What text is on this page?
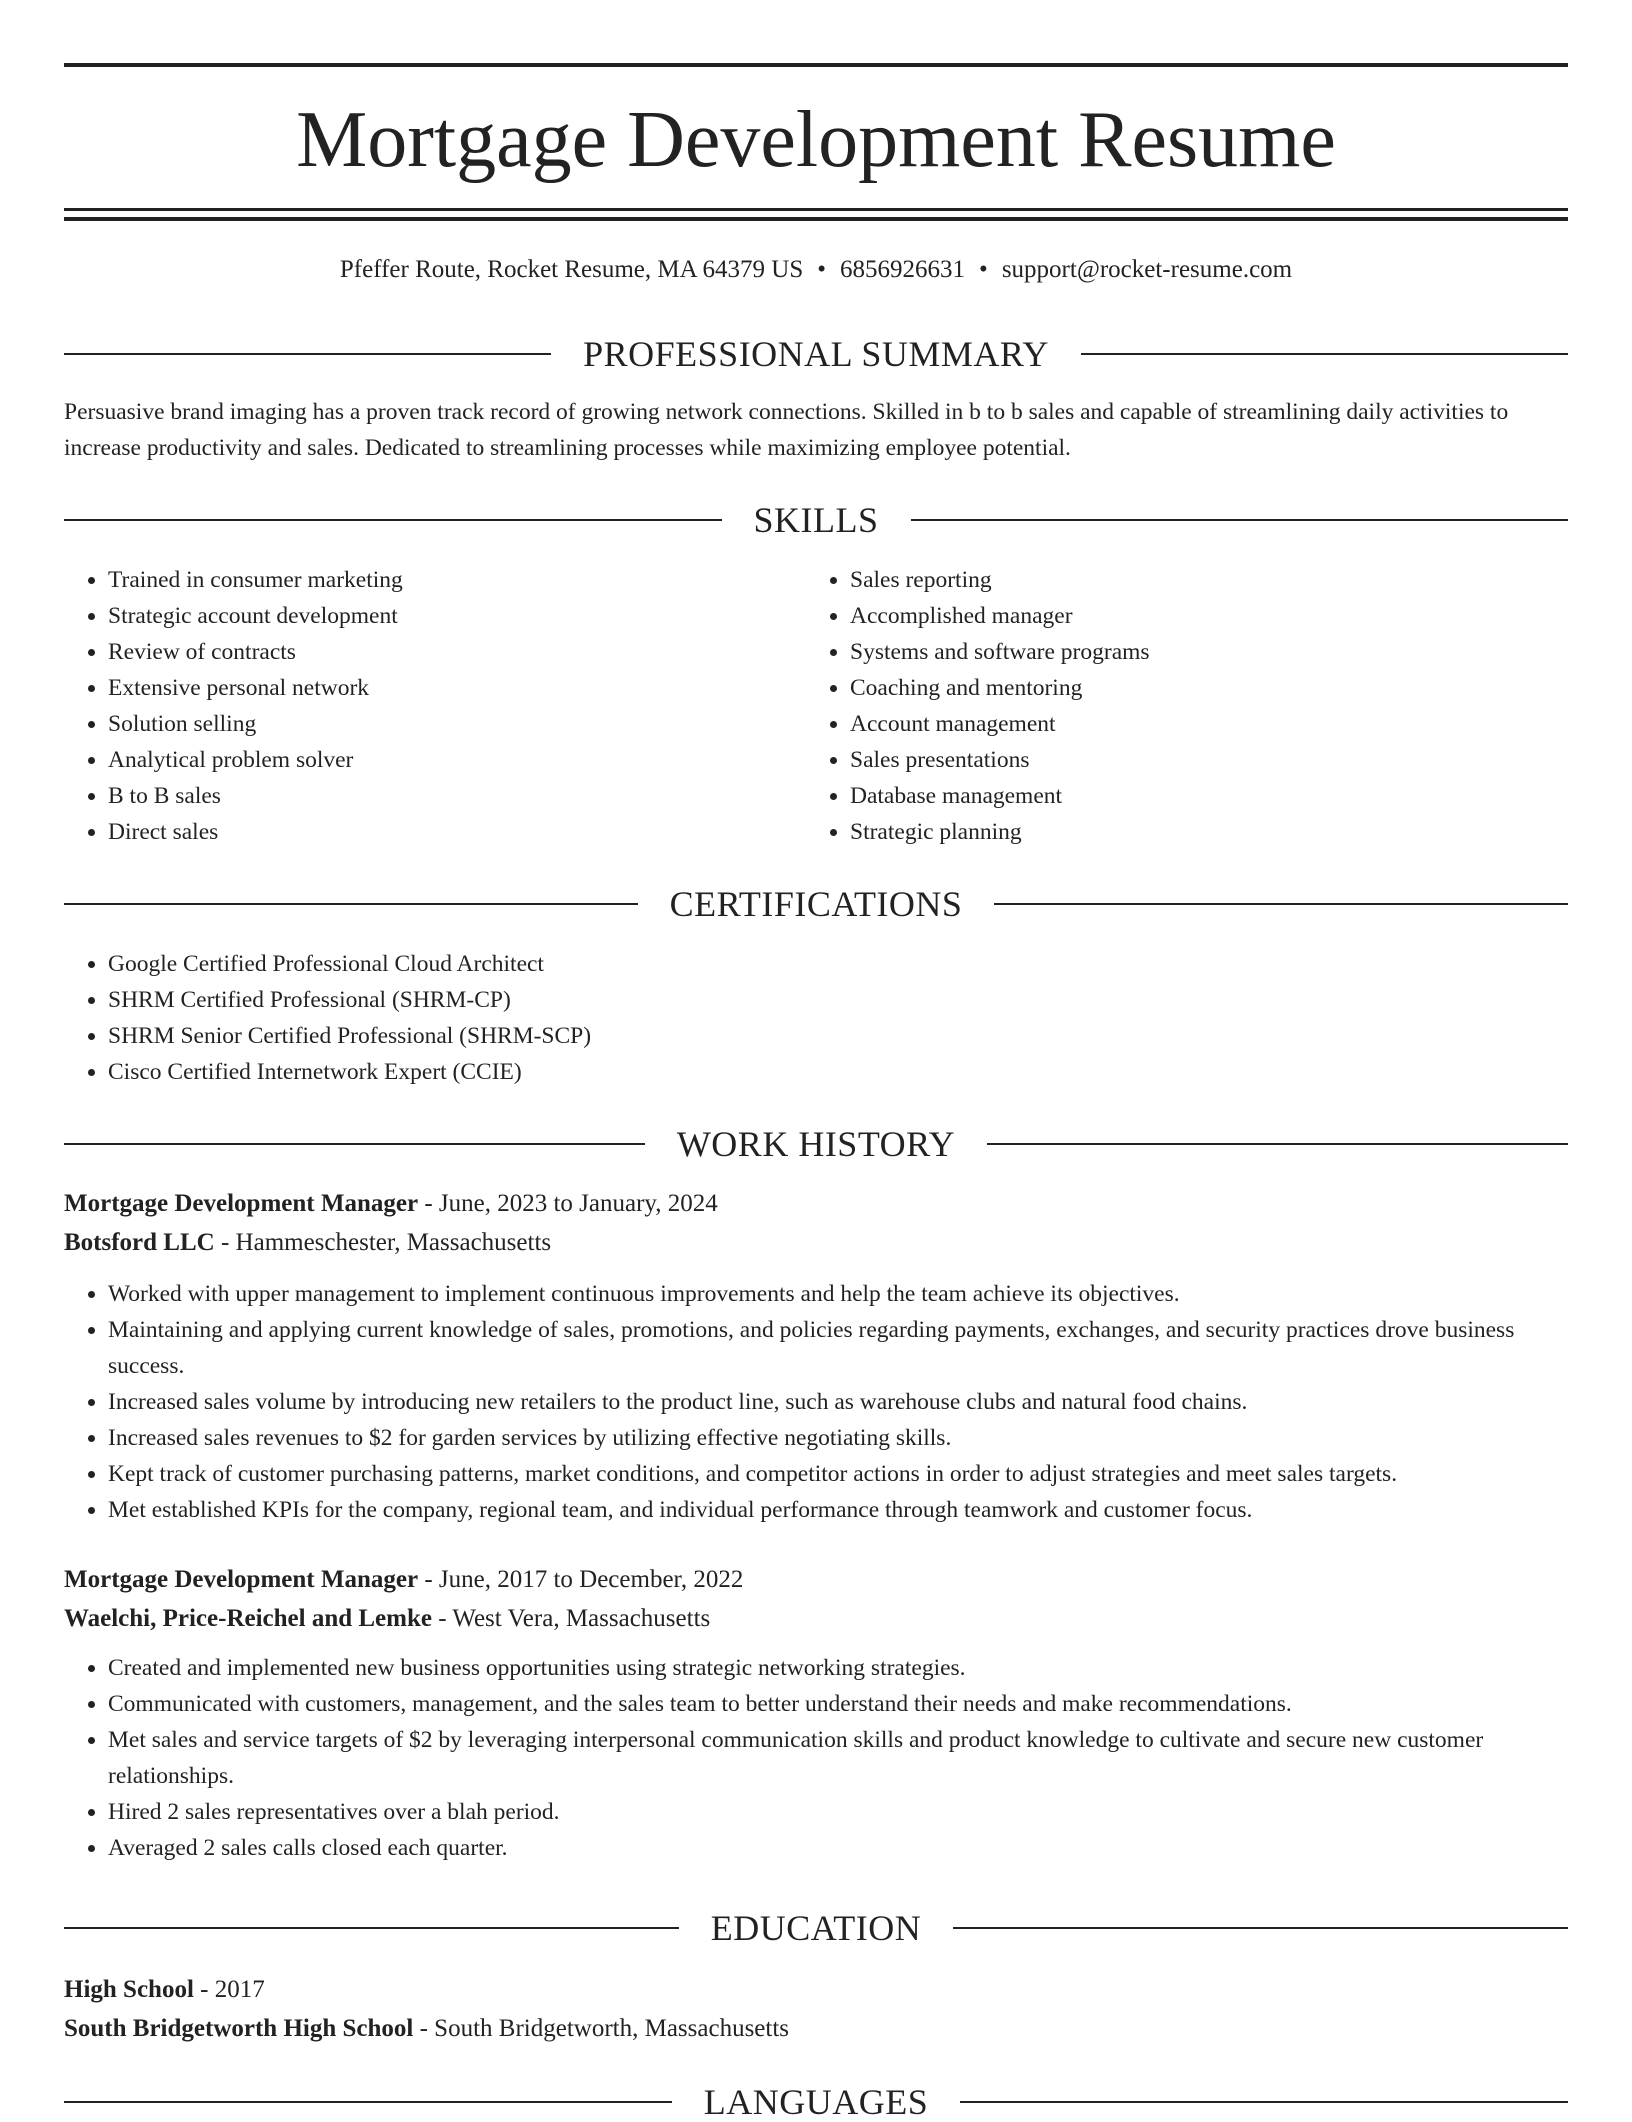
Mortgage Development Resume
Pfeffer Route, Rocket Resume, MA 64379 US • 6856926631 • support@rocket-resume.com
PROFESSIONAL SUMMARY

Persuasive brand imaging has a proven track record of growing network connections. Skilled in b to b sales and capable of streamlining daily activities to increase productivity and sales. Dedicated to streamlining processes while maximizing employee potential.

SKILLS
• Trained in consumer marketing
• Strategic account development
• Review of contracts
• Extensive personal network
• Solution selling
• Analytical problem solver
• B to B sales
• Direct sales
• Sales reporting
• Accomplished manager
• Systems and software programs
• Coaching and mentoring
• Account management
• Sales presentations
• Database management
• Strategic planning
CERTIFICATIONS
• Google Certified Professional Cloud Architect
• SHRM Certified Professional (SHRM-CP)
• SHRM Senior Certified Professional (SHRM-SCP)
• Cisco Certified Internetwork Expert (CCIE)
WORK HISTORY
Mortgage Development Manager - June, 2023 to January, 2024
Botsford LLC - Hammeschester, Massachusetts
• Worked with upper management to implement continuous improvements and help the team achieve its objectives.
• Maintaining and applying current knowledge of sales, promotions, and policies regarding payments, exchanges, and security practices drove business success.
• Increased sales volume by introducing new retailers to the product line, such as warehouse clubs and natural food chains.
• Increased sales revenues to $2 for garden services by utilizing effective negotiating skills.
• Kept track of customer purchasing patterns, market conditions, and competitor actions in order to adjust strategies and meet sales targets.
• Met established KPIs for the company, regional team, and individual performance through teamwork and customer focus.
Mortgage Development Manager - June, 2017 to December, 2022
Waelchi, Price-Reichel and Lemke - West Vera, Massachusetts
• Created and implemented new business opportunities using strategic networking strategies.
• Communicated with customers, management, and the sales team to better understand their needs and make recommendations.
• Met sales and service targets of $2 by leveraging interpersonal communication skills and product knowledge to cultivate and secure new customer relationships.
• Hired 2 sales representatives over a blah period.
• Averaged 2 sales calls closed each quarter.
EDUCATION
High School - 2017
South Bridgetworth High School - South Bridgetworth, Massachusetts
LANGUAGES
